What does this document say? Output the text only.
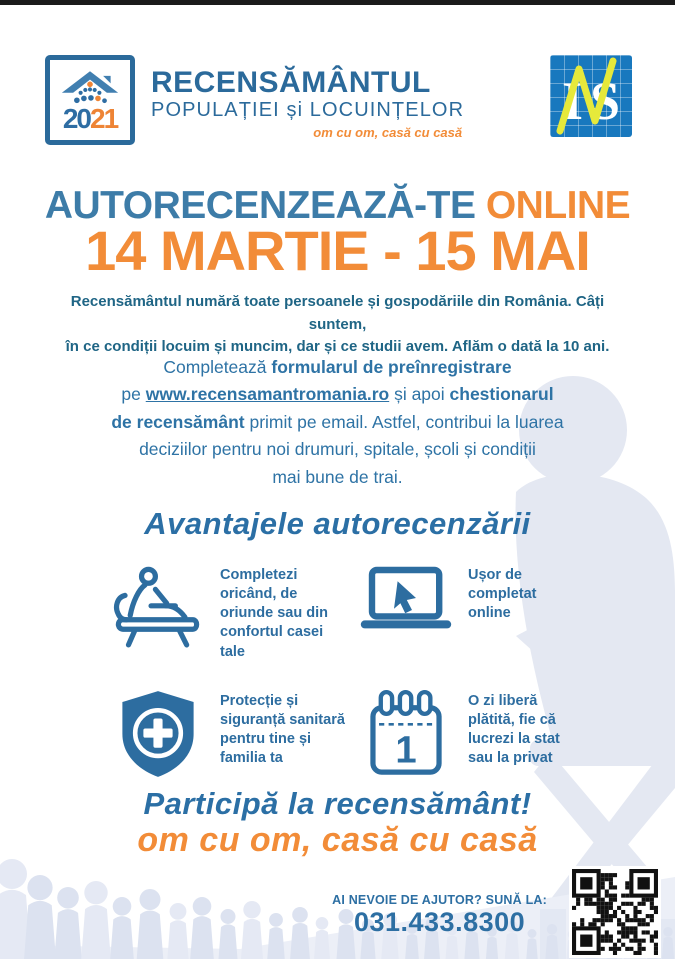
2021
RECENSĂMÂNTUL
POPULAȚIEI și LOCUINȚELOR
om cu om, casă cu casă
I S
AUTORECENZEAZĂ-TE ONLINE
14 MARTIE - 15 MAI

Recensământul numără toate persoanele și gospodăriile din România. Câți suntem,
în ce condiții locuim și muncim, dar și ce studii avem. Aflăm o dată la 10 ani.

Completează formularul de preînregistrare
pe www.recensamantromania.ro și apoi chestionarul
de recensământ primit pe email. Astfel, contribui la luarea
deciziilor pentru noi drumuri, spitale, școli și condiții
mai bune de trai.

Avantajele autorecenzării
Completezi oricând, de oriunde sau din confortul casei tale
Ușor de completat online
Protecție și siguranță sanitară pentru tine și familia ta	1
O zi liberă plătită, fie că lucrezi la stat sau la privat
Participă la recensământ!
om cu om, casă cu casă
AI NEVOIE DE AJUTOR? SUNĂ LA:
031.433.8300
